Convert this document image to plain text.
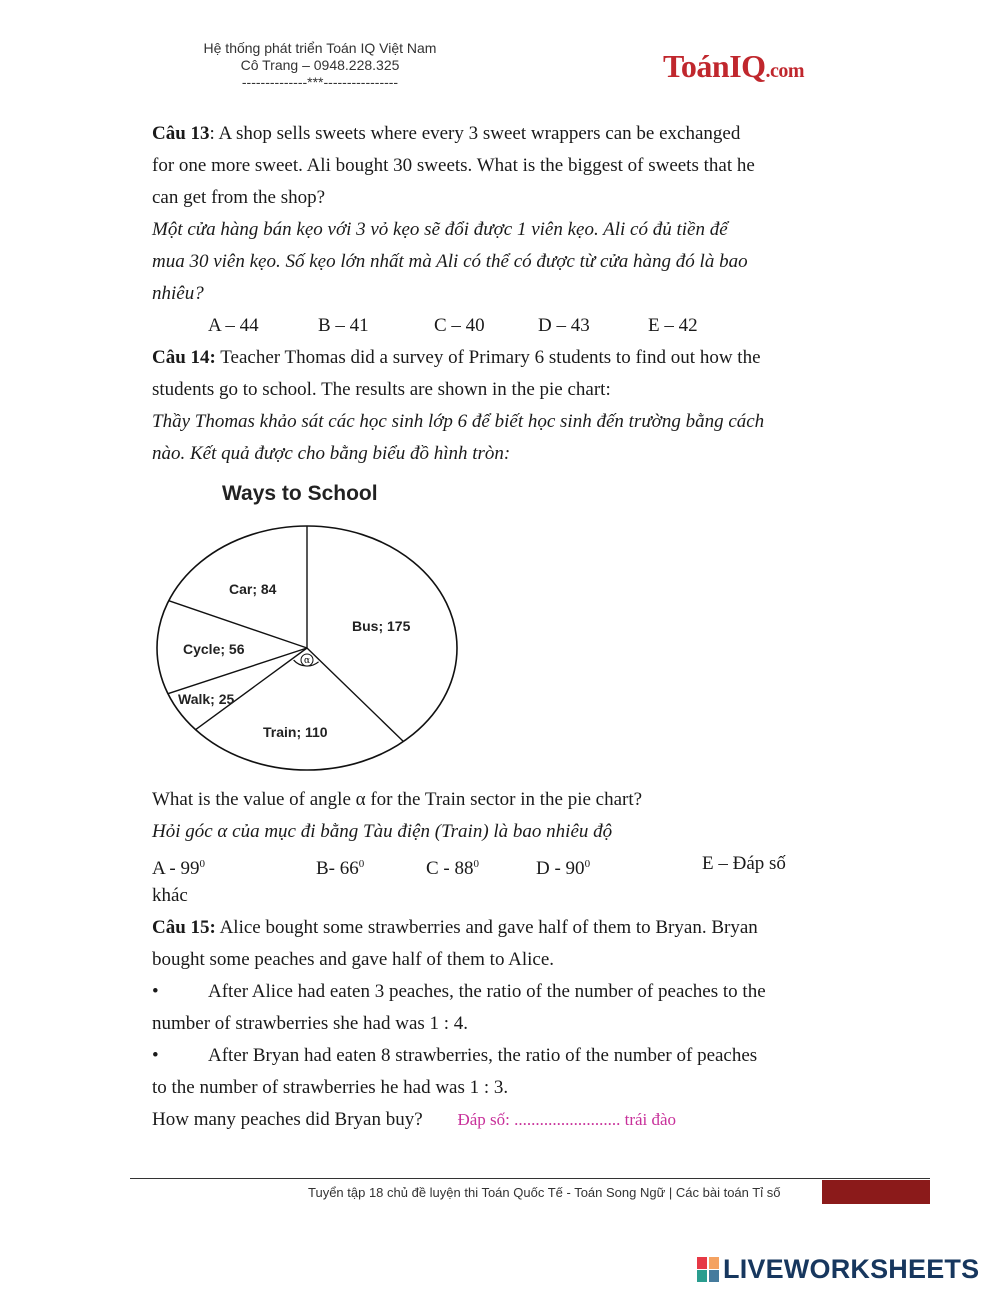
Hệ thống phát triển Toán IQ Việt Nam
Cô Trang – 0948.228.325
--------------***----------------	ToánIQ.com
Câu 13: A shop sells sweets where every 3 sweet wrappers can be exchanged
for one more sweet. Ali bought 30 sweets. What is the biggest of sweets that he
can get from the shop?
Một cửa hàng bán kẹo với 3 vỏ kẹo sẽ đổi được 1 viên kẹo. Ali có đủ tiền để
mua 30 viên kẹo. Số kẹo lớn nhất mà Ali có thể có được từ cửa hàng đó là bao
nhiêu?
A – 44	B – 41	C – 40	D – 43	E – 42
Câu 14: Teacher Thomas did a survey of Primary 6 students to find out how the
students go to school. The results are shown in the pie chart:
Thầy Thomas khảo sát các học sinh lớp 6 để biết học sinh đến trường bằng cách
nào. Kết quả được cho bằng biểu đồ hình tròn:
Ways to School
Bus; 175
Train; 110
Walk; 25
Cycle; 56
Car; 84
α
What is the value of angle α for the Train sector in the pie chart?
Hỏi góc α của mục đi bằng Tàu điện (Train) là bao nhiêu độ
A - $99^0$	B- $66^0$	C - $88^0$	D - $90^0$	E – Đáp số
khác
Câu 15: Alice bought some strawberries and gave half of them to Bryan. Bryan
bought some peaches and gave half of them to Alice.
•	After Alice had eaten 3 peaches, the ratio of the number of peaches to the
number of strawberries she had was 1 : 4.
•	After Bryan had eaten 8 strawberries, the ratio of the number of peaches
to the number of strawberries he had was 1 : 3.
How many peaches did Bryan buy? Đáp số: ......................... trái đào
Tuyển tập 18 chủ đề luyện thi Toán Quốc Tế - Toán Song Ngữ | Các bài toán Tỉ số
LIVEWORKSHEETS
